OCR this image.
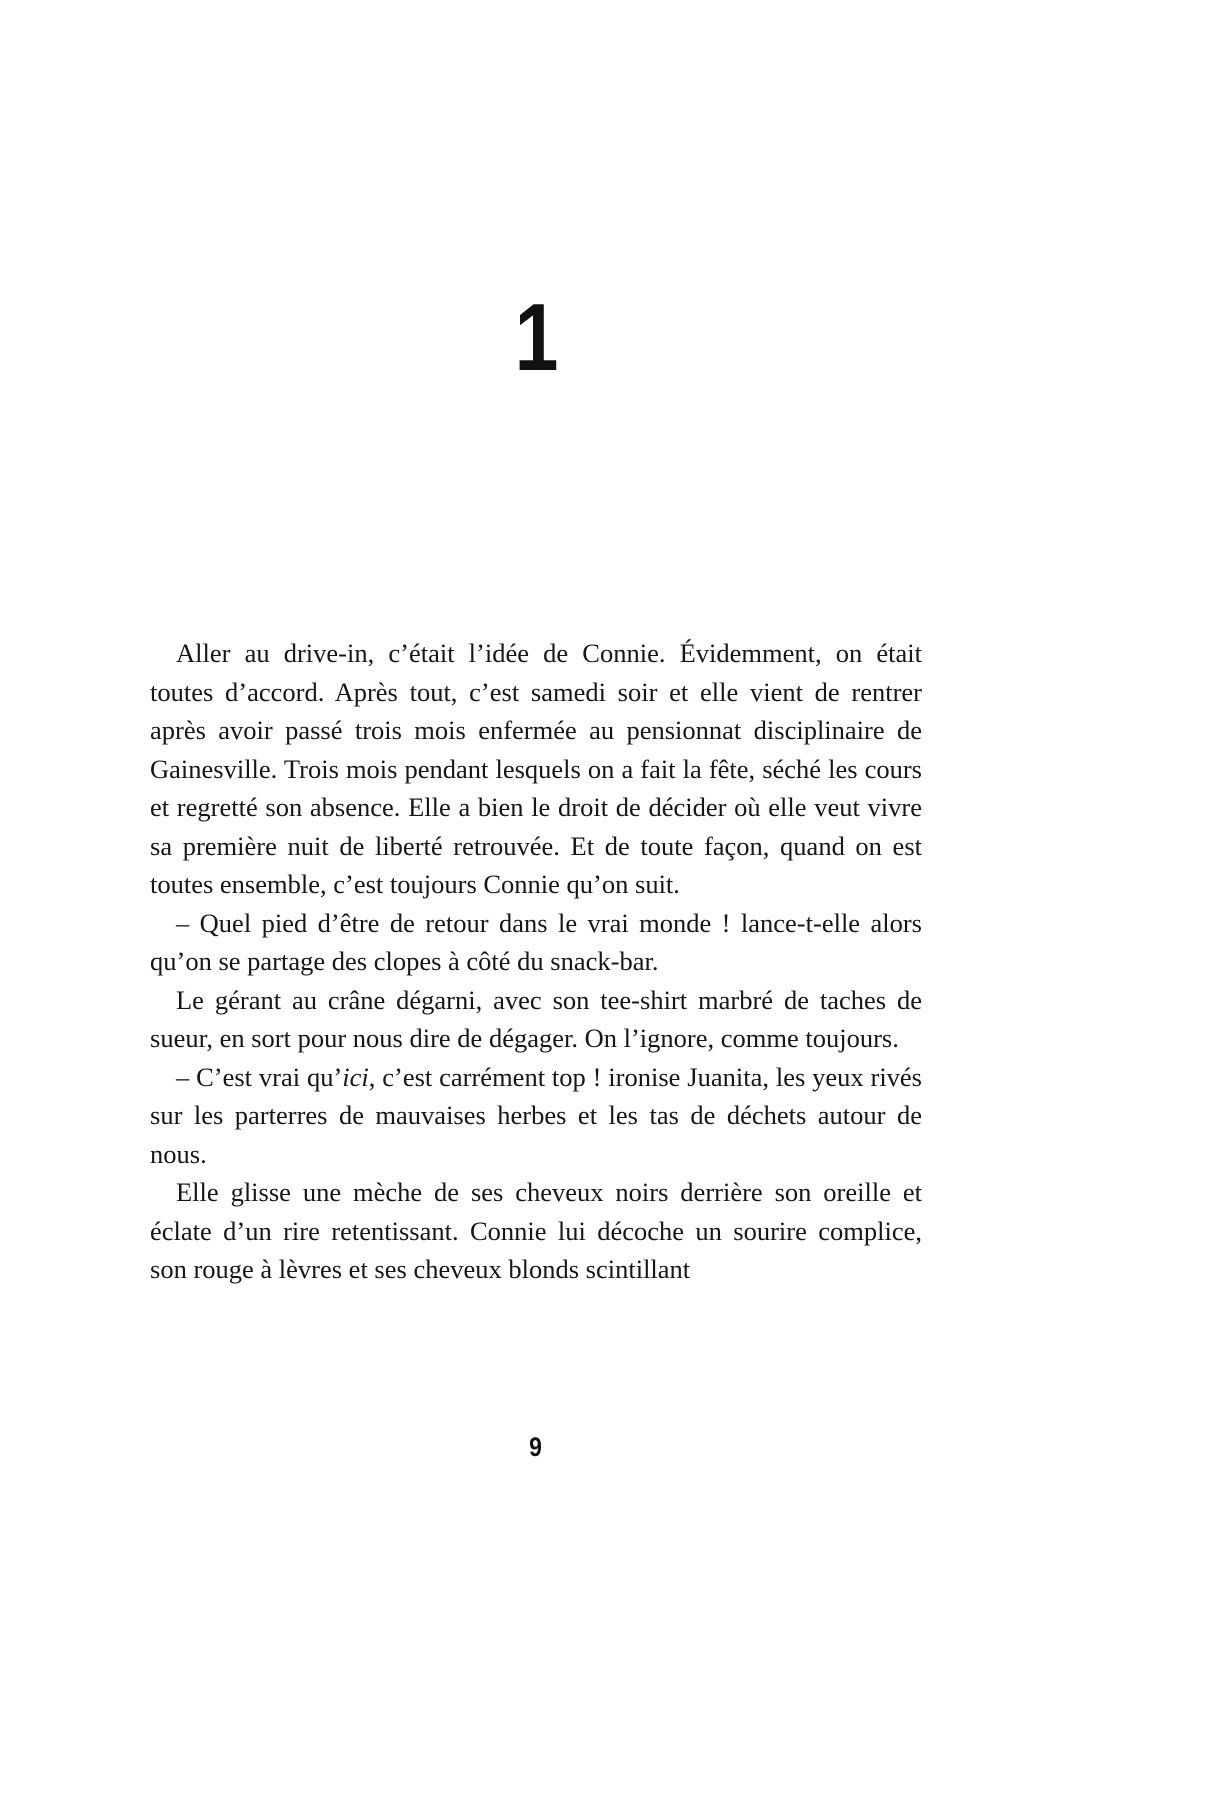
1

Aller au drive-in, c’était l’idée de Connie. Évidemment, on était toutes d’accord. Après tout, c’est samedi soir et elle vient de rentrer après avoir passé trois mois enfermée au pensionnat disciplinaire de Gainesville. Trois mois pendant lesquels on a fait la fête, séché les cours et regretté son absence. Elle a bien le droit de décider où elle veut vivre sa première nuit de liberté retrouvée. Et de toute façon, quand on est toutes ensemble, c’est toujours Connie qu’on suit.

– Quel pied d’être de retour dans le vrai monde ! lance-t-elle alors qu’on se partage des clopes à côté du snack-bar.

Le gérant au crâne dégarni, avec son tee-shirt marbré de taches de sueur, en sort pour nous dire de dégager. On l’ignore, comme toujours.

– C’est vrai qu’ici, c’est carrément top ! ironise Juanita, les yeux rivés sur les parterres de mauvaises herbes et les tas de déchets autour de nous.

Elle glisse une mèche de ses cheveux noirs derrière son oreille et éclate d’un rire retentissant. Connie lui décoche un sourire complice, son rouge à lèvres et ses cheveux blonds scintillant

9
